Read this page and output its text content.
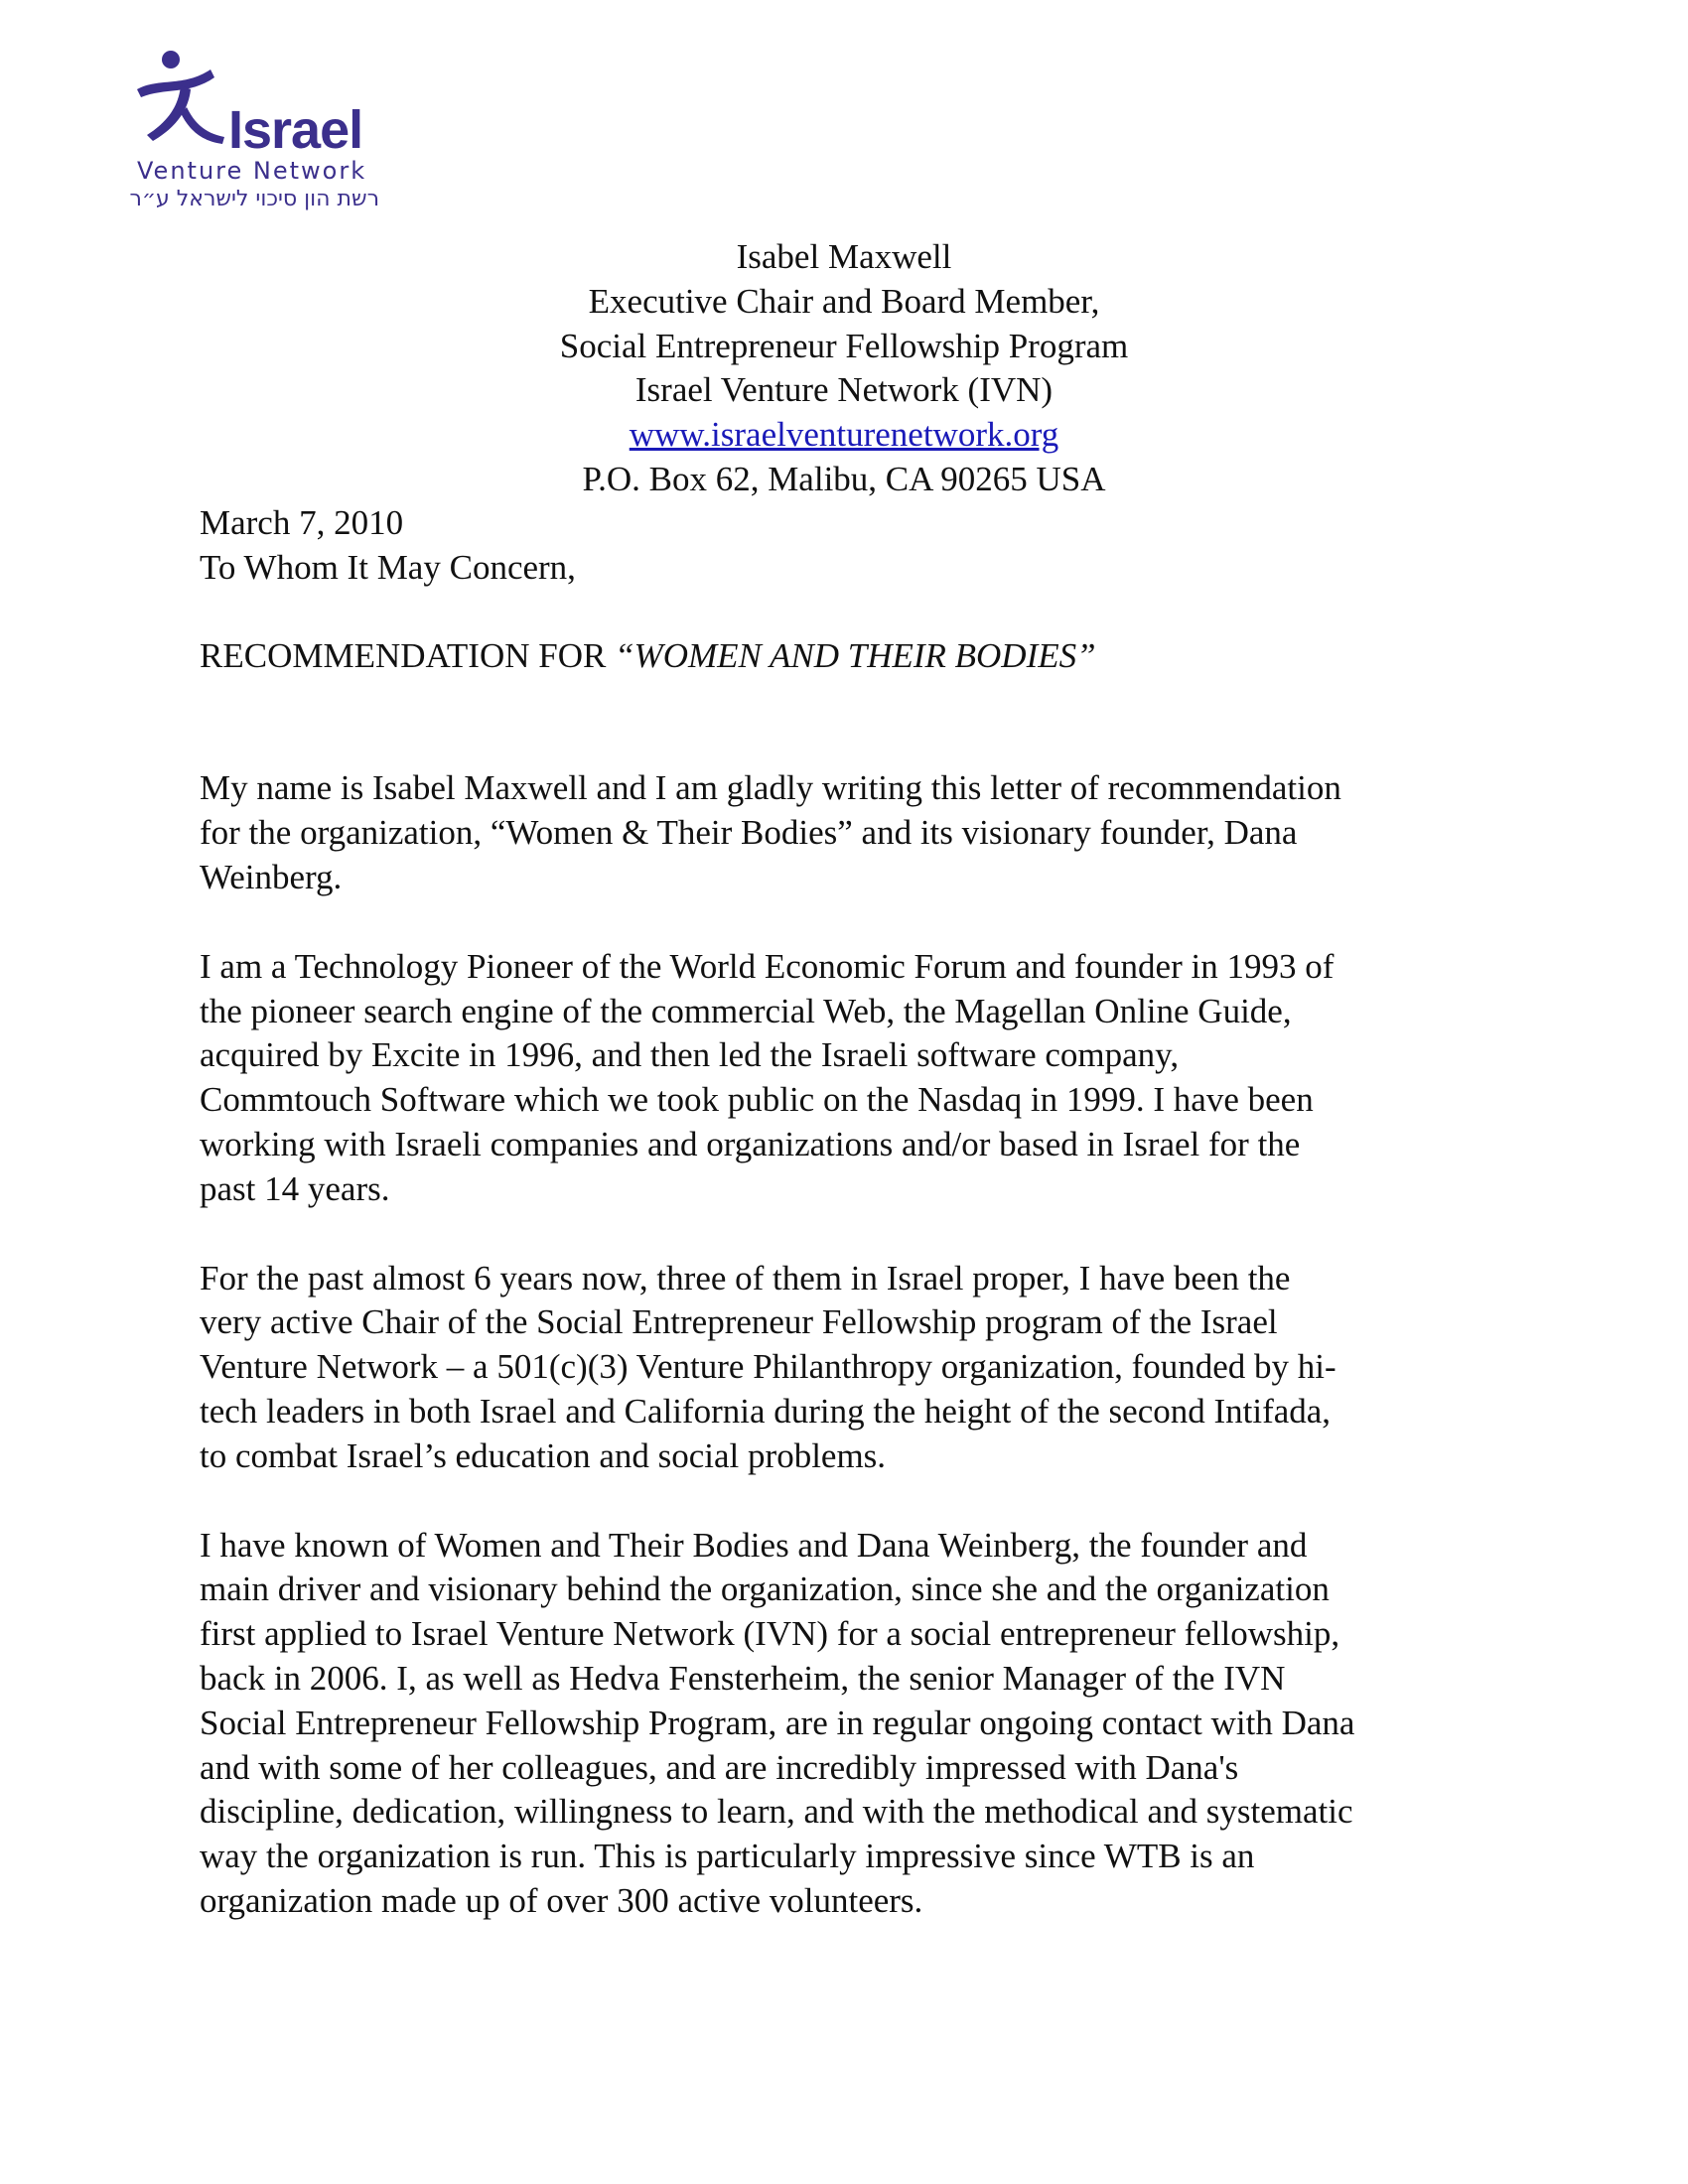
Israel
Venture Network
רשת הון סיכוי לישראל ע״ר
Isabel Maxwell
Executive Chair and Board Member,
Social Entrepreneur Fellowship Program
Israel Venture Network (IVN)
www.israelventurenetwork.org
P.O. Box 62, Malibu, CA 90265 USA
March 7, 2010
To Whom It May Concern,
RECOMMENDATION FOR “WOMEN AND THEIR BODIES”
My name is Isabel Maxwell and I am gladly writing this letter of recommendation
for the organization, “Women & Their Bodies” and its visionary founder, Dana
Weinberg.
I am a Technology Pioneer of the World Economic Forum and founder in 1993 of
the pioneer search engine of the commercial Web, the Magellan Online Guide,
acquired by Excite in 1996, and then led the Israeli software company,
Commtouch Software which we took public on the Nasdaq in 1999. I have been
working with Israeli companies and organizations and/or based in Israel for the
past 14 years.
For the past almost 6 years now, three of them in Israel proper, I have been the
very active Chair of the Social Entrepreneur Fellowship program of the Israel
Venture Network – a 501(c)(3) Venture Philanthropy organization, founded by hi-
tech leaders in both Israel and California during the height of the second Intifada,
to combat Israel’s education and social problems.
I have known of Women and Their Bodies and Dana Weinberg, the founder and
main driver and visionary behind the organization, since she and the organization
first applied to Israel Venture Network (IVN) for a social entrepreneur fellowship,
back in 2006. I, as well as Hedva Fensterheim, the senior Manager of the IVN
Social Entrepreneur Fellowship Program, are in regular ongoing contact with Dana
and with some of her colleagues, and are incredibly impressed with Dana's
discipline, dedication, willingness to learn, and with the methodical and systematic
way the organization is run. This is particularly impressive since WTB is an
organization made up of over 300 active volunteers.
